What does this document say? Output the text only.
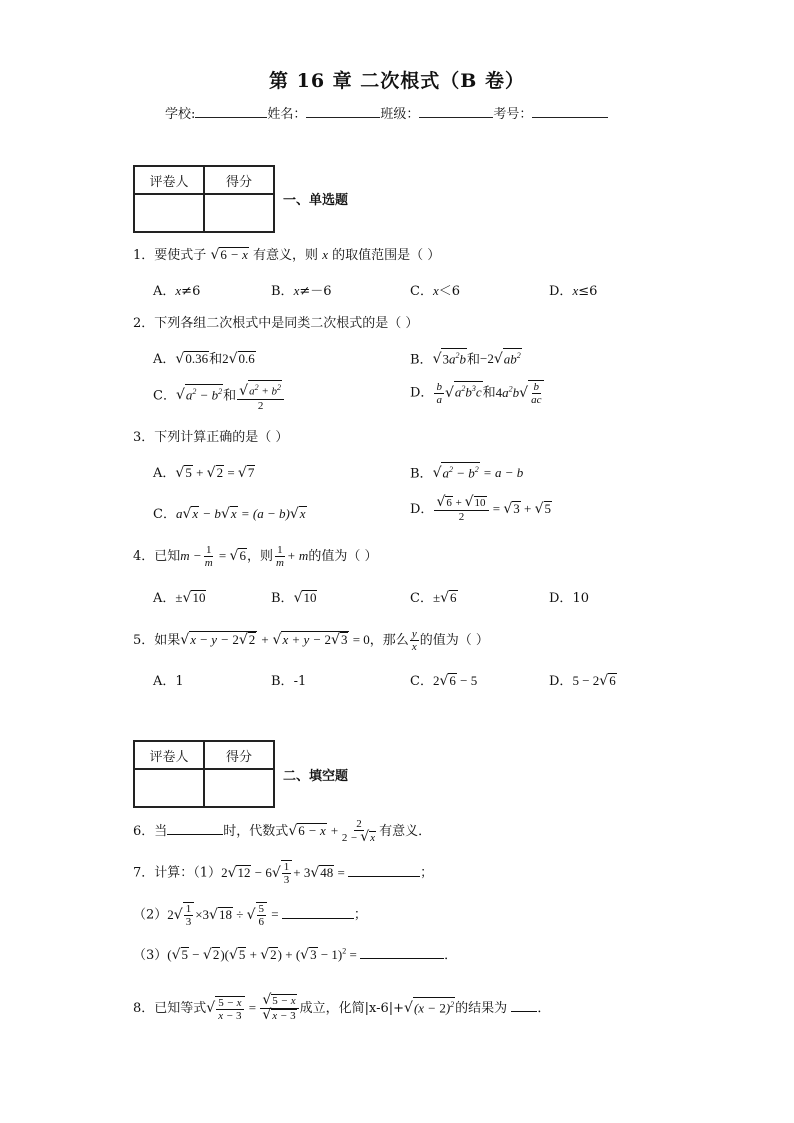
第 16 章 二次根式（B 卷）
学校:	姓名：	班级：	考号：
评卷人	得分

一、单选题
1．要使式子 √6 − x 有意义，则 x 的取值范围是（ ）
A．x≠6	B．x≠－6	C．x＜6	D．x≤6
2．下列各组二次根式中是同类二次根式的是（ ）
A．√0.36和2√0.6	B．$√3a^2b$和$-2√ab^2$
C．$√a^2 - b^2$和 $\frac{√a^2 + b^2}{2}$	D． $\frac{b}{a} √a^2b^3c$和$4a^2b√ \frac{b}{ac}$
3．下列计算正确的是（ ）
A．√5 + √2 = √7	B．$√a^2 - b^2 = a - b$
C．a√x − b√x = (a − b)√x	D． $\frac{√6 + √10}{2} = √3 + √5$
4．已知$m - \frac{1}{m} = √6$，则 $\frac{1}{m} + m$的值为（ ）
A．±√10	B．√10	C．±√6	D．10
5．如果√x − y − 2√2 + √x + y − 2√3 = 0，那么 $\frac{y}{x}$ 的值为（ ）
A．1	B．-1	C．2√6 − 5	D．5 − 2√6
评卷人	得分

二、填空题
6．当	时，代数式$√6 - x + \frac{2}{2 - √x}$ 有意义．
7．计算：$(1)2√12 - 6√ \frac{1}{3} + 3√48$ =	；
$(2)2√ \frac{1}{3} \times 3√18$ ÷ √ $\frac{5}{6}$ =	；
$(3)(√5 - √2)(√5 + √2) + (√3 - 1)^2$ =	．
8．已知等式√ $\frac{5 - x}{x - 3} = \frac{√5 - x}{√x - 3}$ 成立，化简$|x-6|+√(x - 2)^2$的结果为 ．
